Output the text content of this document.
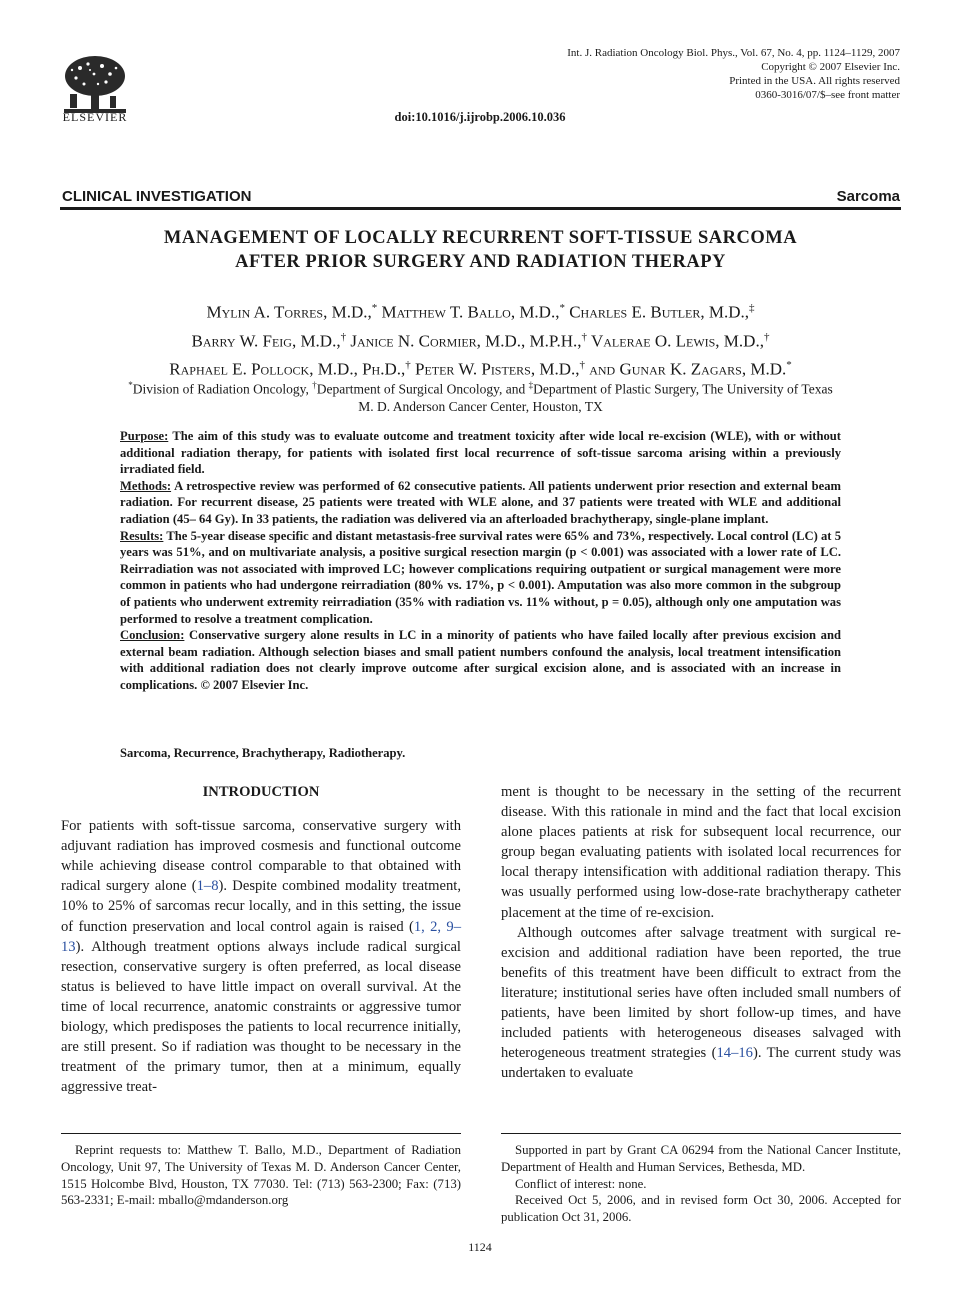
ELSEVIER
Int. J. Radiation Oncology Biol. Phys., Vol. 67, No. 4, pp. 1124–1129, 2007
Copyright © 2007 Elsevier Inc.
Printed in the USA. All rights reserved
0360-3016/07/$–see front matter
doi:10.1016/j.ijrobp.2006.10.036
CLINICAL INVESTIGATION	Sarcoma
MANAGEMENT OF LOCALLY RECURRENT SOFT-TISSUE SARCOMA
AFTER PRIOR SURGERY AND RADIATION THERAPY
Mylin A. Torres, M.D.,* Matthew T. Ballo, M.D.,* Charles E. Butler, M.D.,‡
Barry W. Feig, M.D.,† Janice N. Cormier, M.D., M.P.H.,† Valerae O. Lewis, M.D.,†
Raphael E. Pollock, M.D., Ph.D.,† Peter W. Pisters, M.D.,† and Gunar K. Zagars, M.D.*
*Division of Radiation Oncology, †Department of Surgical Oncology, and ‡Department of Plastic Surgery, The University of Texas
M. D. Anderson Cancer Center, Houston, TX

Purpose: The aim of this study was to evaluate outcome and treatment toxicity after wide local re-excision (WLE), with or without additional radiation therapy, for patients with isolated first local recurrence of soft-tissue sarcoma arising within a previously irradiated field.

Methods: A retrospective review was performed of 62 consecutive patients. All patients underwent prior resection and external beam radiation. For recurrent disease, 25 patients were treated with WLE alone, and 37 patients were treated with WLE and additional radiation (45– 64 Gy). In 33 patients, the radiation was delivered via an afterloaded brachytherapy, single-plane implant.

Results: The 5-year disease specific and distant metastasis-free survival rates were 65% and 73%, respectively. Local control (LC) at 5 years was 51%, and on multivariate analysis, a positive surgical resection margin (p < 0.001) was associated with a lower rate of LC. Reirradiation was not associated with improved LC; however complications requiring outpatient or surgical management were more common in patients who had undergone reirradiation (80% vs. 17%, p < 0.001). Amputation was also more common in the subgroup of patients who underwent extremity reirradiation (35% with radiation vs. 11% without, p = 0.05), although only one amputation was performed to resolve a treatment complication.

Conclusion: Conservative surgery alone results in LC in a minority of patients who have failed locally after previous excision and external beam radiation. Although selection biases and small patient numbers confound the analysis, local treatment intensification with additional radiation does not clearly improve outcome after surgical excision alone, and is associated with an increase in complications. © 2007 Elsevier Inc.

Sarcoma, Recurrence, Brachytherapy, Radiotherapy.

INTRODUCTION

For patients with soft-tissue sarcoma, conservative surgery with adjuvant radiation has improved cosmesis and functional outcome while achieving disease control comparable to that obtained with radical surgery alone (1–8). Despite combined modality treatment, 10% to 25% of sarcomas recur locally, and in this setting, the issue of function preservation and local control again is raised (1, 2, 9–13). Although treatment options always include radical surgical resection, conservative surgery is often preferred, as local disease status is believed to have little impact on overall survival. At the time of local recurrence, anatomic constraints or aggressive tumor biology, which predisposes the patients to local recurrence initially, are still present. So if radiation was thought to be necessary in the treatment of the primary tumor, then at a minimum, equally aggressive treat-

ment is thought to be necessary in the setting of the recurrent disease. With this rationale in mind and the fact that local excision alone places patients at risk for subsequent local recurrence, our group began evaluating patients with isolated local recurrences for local therapy intensification with additional radiation therapy. This was usually performed using low-dose-rate brachytherapy catheter placement at the time of re-excision.

Although outcomes after salvage treatment with surgical re-excision and additional radiation have been reported, the true benefits of this treatment have been difficult to extract from the literature; institutional series have often included small numbers of patients, have been limited by short follow-up times, and have included patients with heterogeneous diseases salvaged with heterogeneous treatment strategies (14–16). The current study was undertaken to evaluate

Reprint requests to: Matthew T. Ballo, M.D., Department of Radiation Oncology, Unit 97, The University of Texas M. D. Anderson Cancer Center, 1515 Holcombe Blvd, Houston, TX 77030. Tel: (713) 563-2300; Fax: (713) 563-2331; E-mail: mballo@mdanderson.org

Supported in part by Grant CA 06294 from the National Cancer Institute, Department of Health and Human Services, Bethesda, MD.

Conflict of interest: none.

Received Oct 5, 2006, and in revised form Oct 30, 2006. Accepted for publication Oct 31, 2006.

1124
